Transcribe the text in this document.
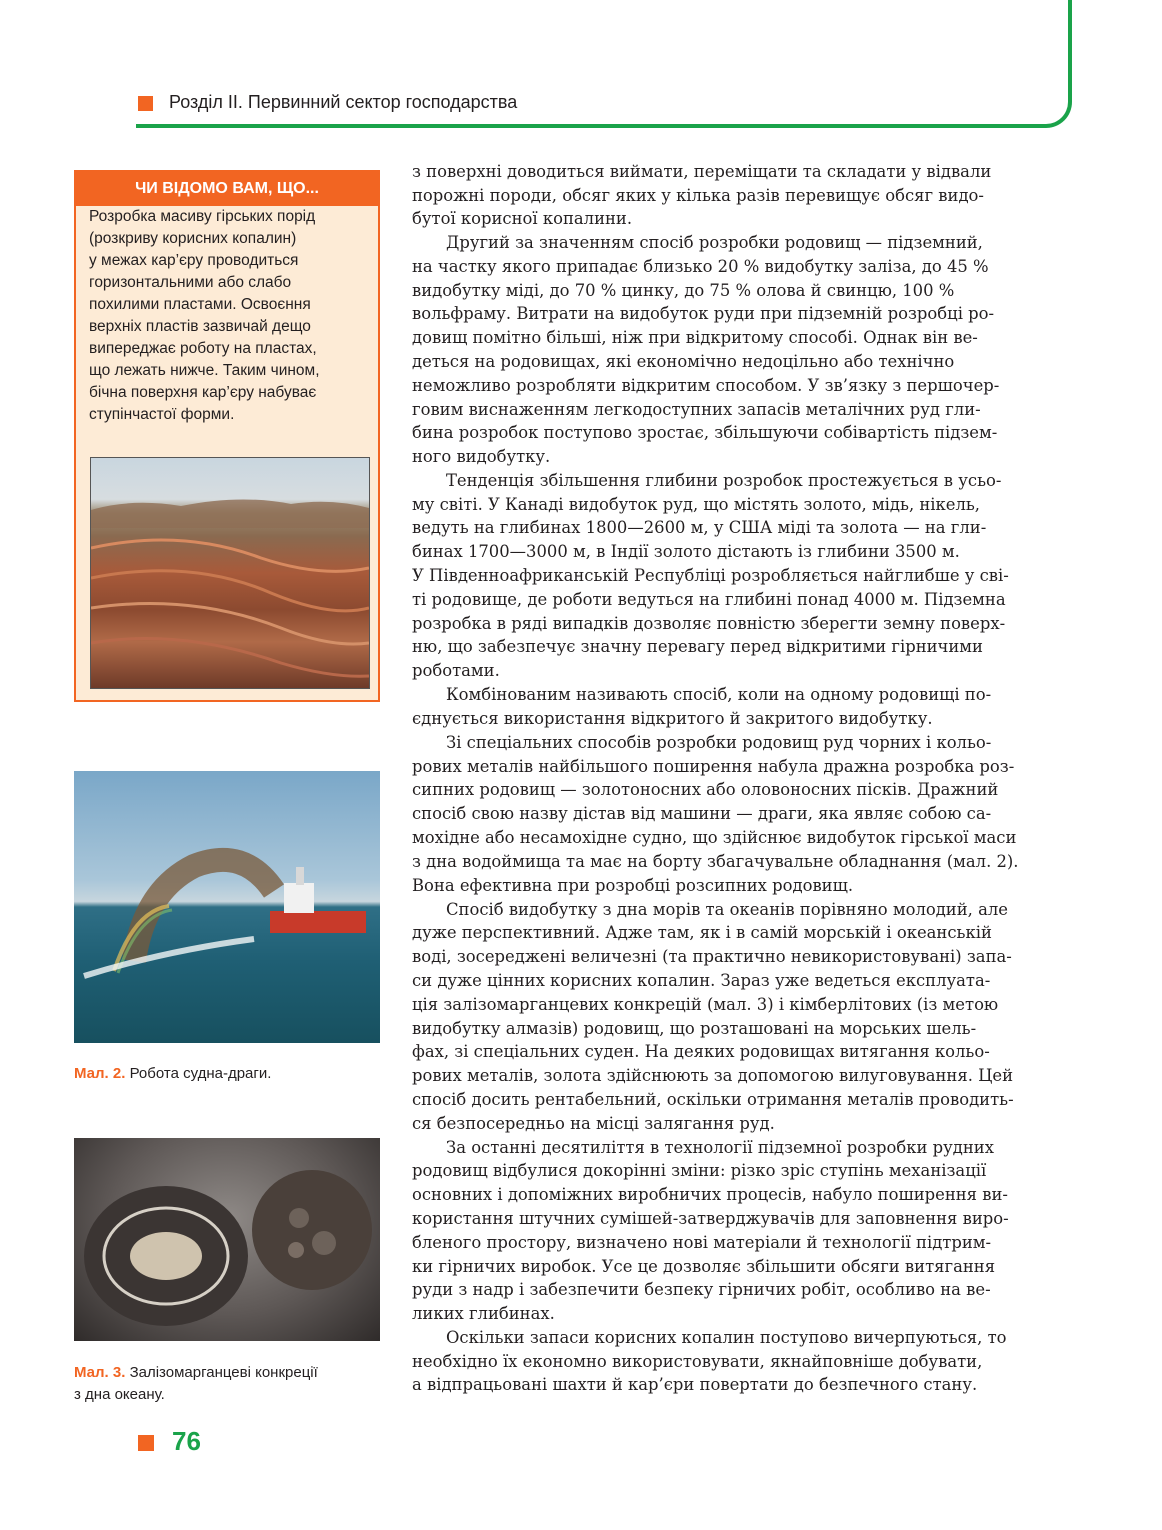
Розділ ІІ. Первинний сектор господарства
ЧИ ВІДОМО ВАМ, ЩО...
Розробка масиву гірських порід
(розкриву корисних копалин)
у межах кар’єру проводиться
горизонтальними або слабо
похилими пластами. Освоєння
верхніх пластів зазвичай дещо
випереджає роботу на пластах,
що лежать нижче. Таким чином,
бічна поверхня кар’єру набуває
ступінчастої форми.
Мал. 2. Робота судна-драги.
Мал. 3. Залізомарганцеві конкреції
з дна океану.
з поверхні доводиться виймати, переміщати та складати у відвали
порожні породи, обсяг яких у кілька разів перевищує обсяг видо-
бутої корисної копалини.
Другий за значенням спосіб розробки родовищ — підземний,
на частку якого припадає близько 20 % видобутку заліза, до 45 %
видобутку міді, до 70 % цинку, до 75 % олова й свинцю, 100 %
вольфраму. Витрати на видобуток руди при підземній розробці ро-
довищ помітно більші, ніж при відкритому способі. Однак він ве-
деться на родовищах, які економічно недоцільно або технічно
неможливо розробляти відкритим способом. У зв’язку з першочер-
говим виснаженням легкодоступних запасів металічних руд гли-
бина розробок поступово зростає, збільшуючи собівартість підзем-
ного видобутку.
Тенденція збільшення глибини розробок простежується в усьо-
му світі. У Канаді видобуток руд, що містять золото, мідь, нікель,
ведуть на глибинах 1800—2600 м, у США міді та золота — на гли-
бинах 1700—3000 м, в Індії золото дістають із глибини 3500 м.
У Південноафриканській Республіці розробляється найглибше у сві-
ті родовище, де роботи ведуться на глибині понад 4000 м. Підземна
розробка в ряді випадків дозволяє повністю зберегти земну поверх-
ню, що забезпечує значну перевагу перед відкритими гірничими
роботами.
Комбінованим називають спосіб, коли на одному родовищі по-
єднується використання відкритого й закритого видобутку.
Зі спеціальних способів розробки родовищ руд чорних і кольо-
рових металів найбільшого поширення набула дражна розробка роз-
сипних родовищ — золотоносних або оловоносних пісків. Дражний
спосіб свою назву дістав від машини — драги, яка являє собою са-
мохідне або несамохідне судно, що здійснює видобуток гірської маси
з дна водоймища та має на борту збагачувальне обладнання (мал. 2).
Вона ефективна при розробці розсипних родовищ.
Спосіб видобутку з дна морів та океанів порівняно молодий, але
дуже перспективний. Адже там, як і в самій морській і океанській
воді, зосереджені величезні (та практично невикористовувані) запа-
си дуже цінних корисних копалин. Зараз уже ведеться експлуата-
ція залізомарганцевих конкрецій (мал. 3) і кімберлітових (із метою
видобутку алмазів) родовищ, що розташовані на морських шель-
фах, зі спеціальних суден. На деяких родовищах витягання кольо-
рових металів, золота здійснюють за допомогою вилуговування. Цей
спосіб досить рентабельний, оскільки отримання металів проводить-
ся безпосередньо на місці залягання руд.
За останні десятиліття в технології підземної розробки рудних
родовищ відбулися докорінні зміни: різко зріс ступінь механізації
основних і допоміжних виробничих процесів, набуло поширення ви-
користання штучних сумішей-затверджувачів для заповнення виро-
бленого простору, визначено нові матеріали й технології підтрим-
ки гірничих виробок. Усе це дозволяє збільшити обсяги витягання
руди з надр і забезпечити безпеку гірничих робіт, особливо на ве-
ликих глибинах.
Оскільки запаси корисних копалин поступово вичерпуються, то
необхідно їх економно використовувати, якнайповніше добувати,
а відпрацьовані шахти й кар’єри повертати до безпечного стану.
76
